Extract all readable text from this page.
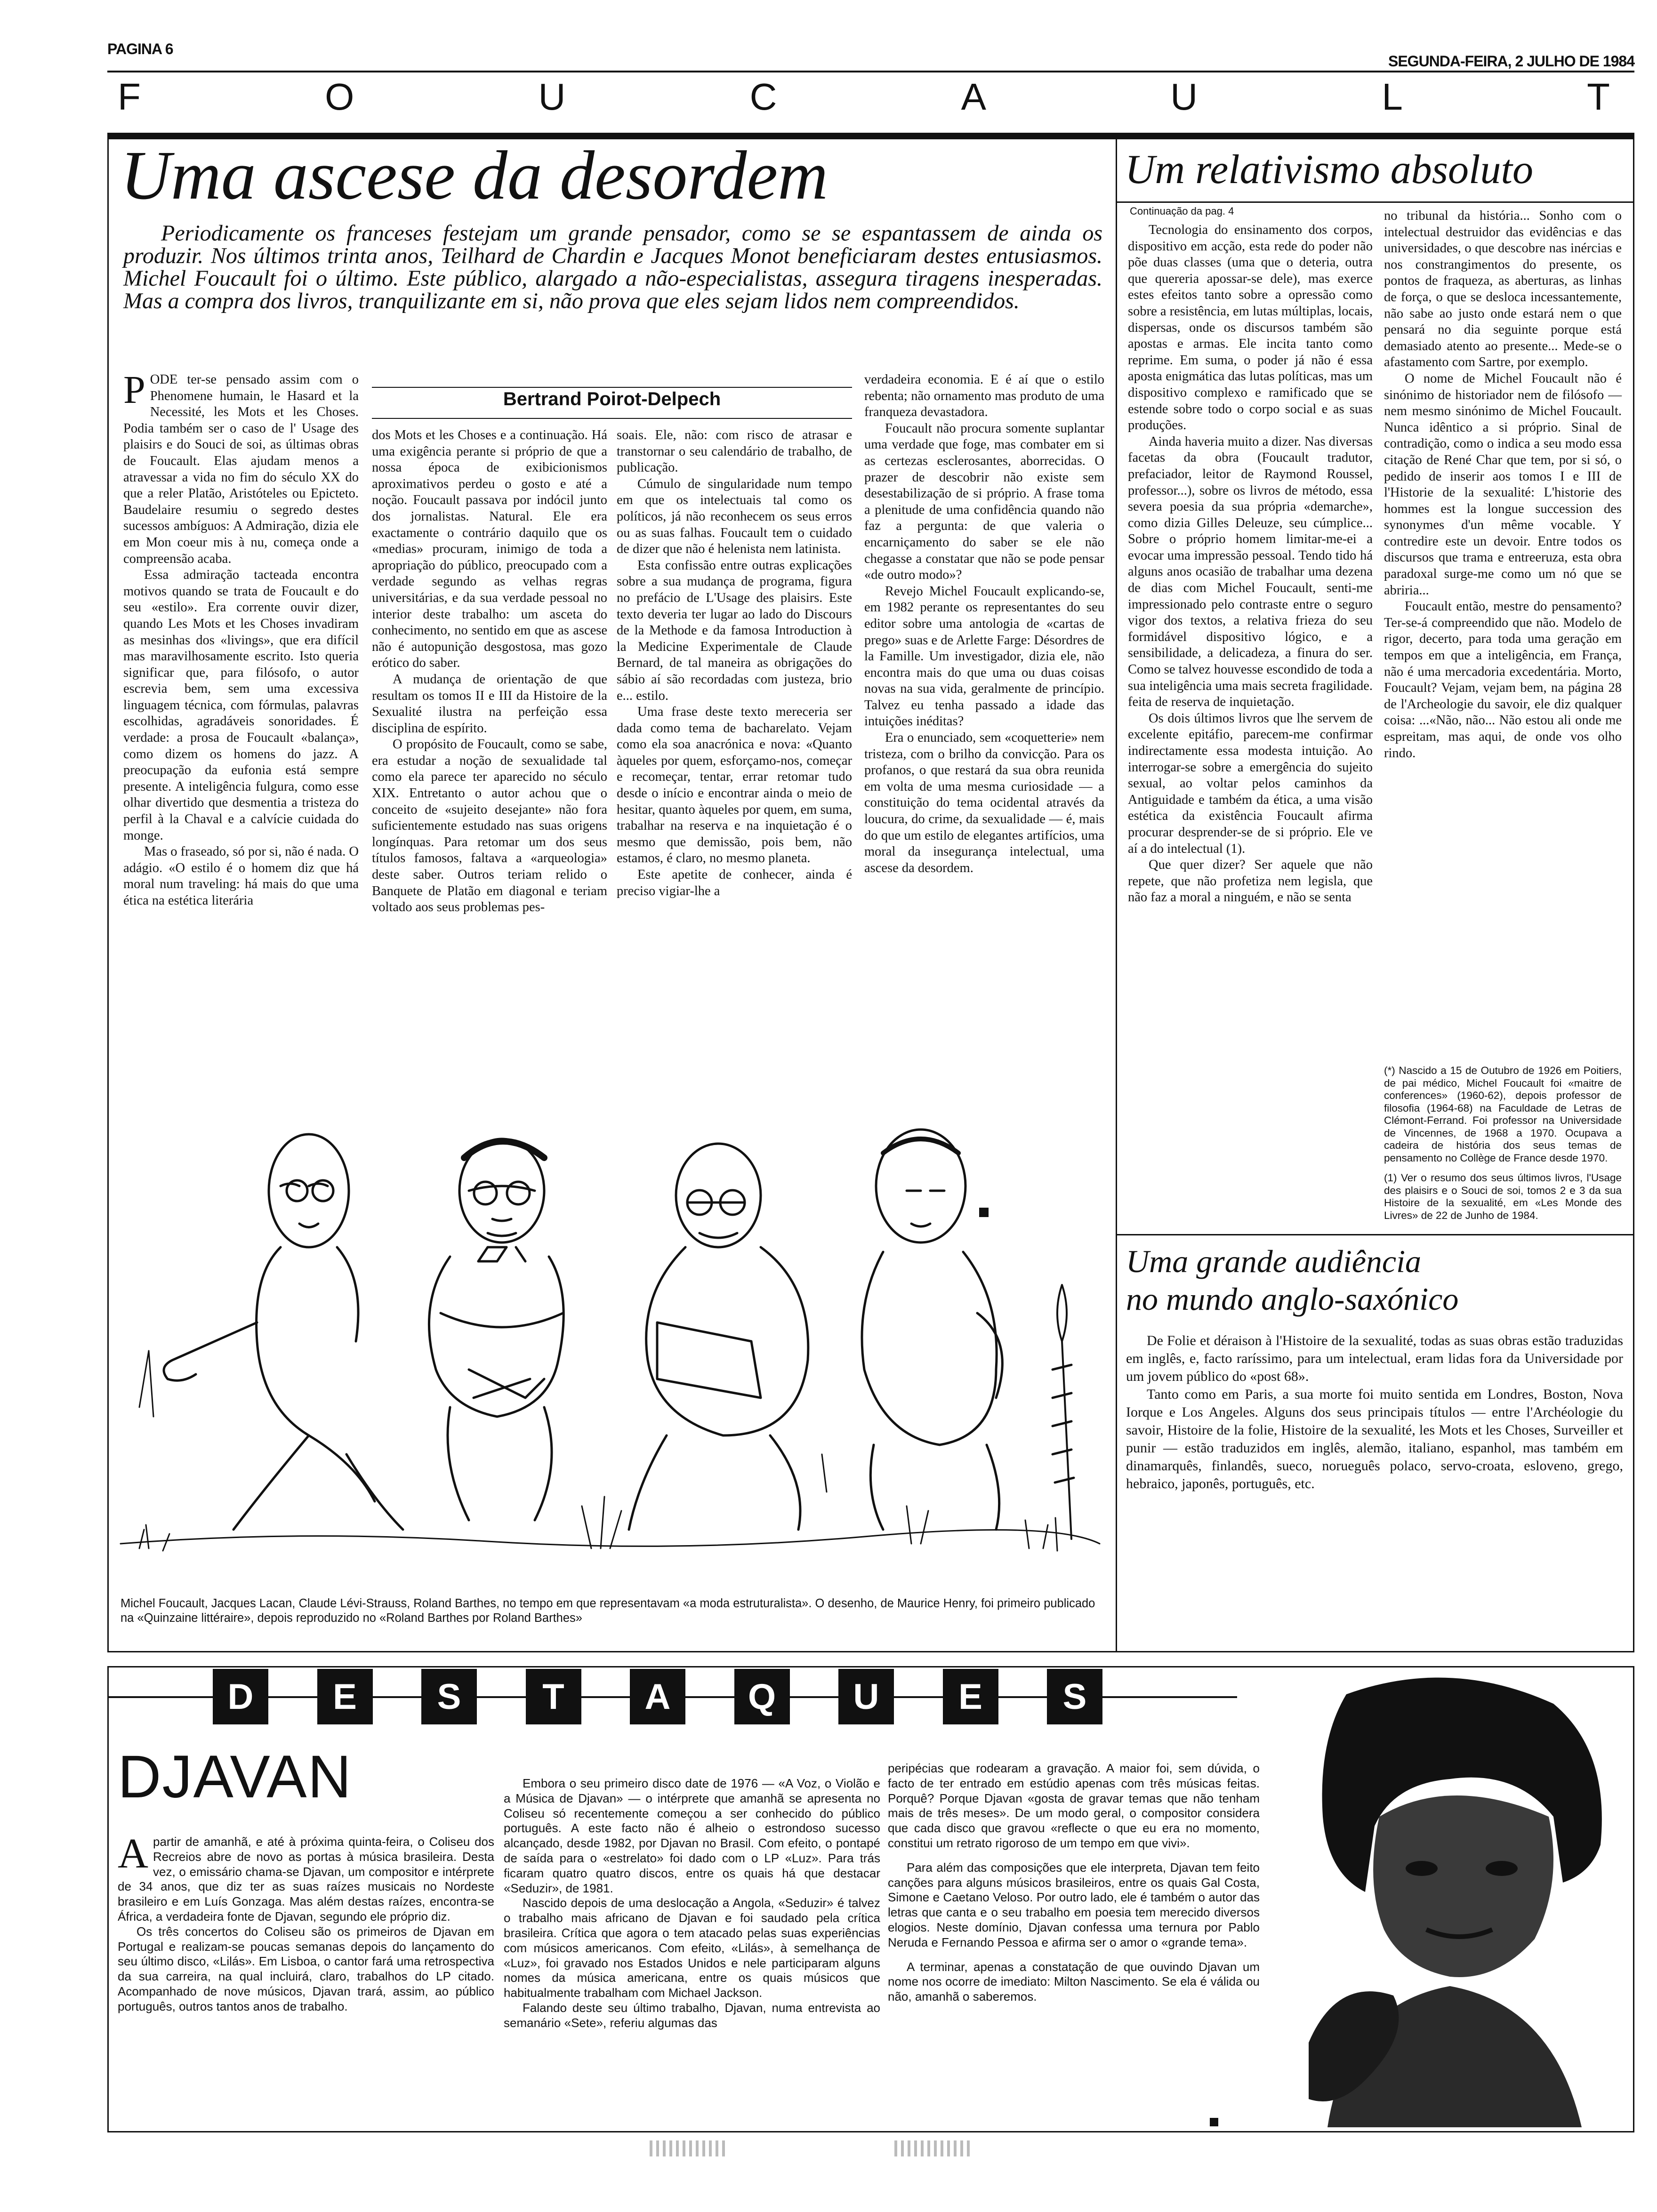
PAGINA 6
SEGUNDA-FEIRA, 2 JULHO DE 1984
F	O	U	C	A	U	L	T
Uma ascese da desordem
Periodicamente os franceses festejam um grande pensador, como se se espantassem de ainda os produzir. Nos últimos trinta anos, Teilhard de Chardin e Jacques Monot beneficiaram destes entusiasmos. Michel Foucault foi o último. Este público, alargado a não-especialistas, assegura tiragens inesperadas. Mas a compra dos livros, tranquilizante em si, não prova que eles sejam lidos nem compreendidos.
Bertrand Poirot-Delpech

PODE ter-se pensado assim com o Phenomene humain, le Hasard et la Necessité, les Mots et les Choses. Podia também ser o caso de l' Usage des plaisirs e do Souci de soi, as últimas obras de Foucault. Elas ajudam menos a atravessar a vida no fim do século XX do que a reler Platão, Aristóteles ou Epicteto. Baudelaire resumiu o segredo destes sucessos ambíguos: A Admiração, dizia ele em Mon coeur mis à nu, começa onde a compreensão acaba.

Essa admiração tacteada encontra motivos quando se trata de Foucault e do seu «estilo». Era corrente ouvir dizer, quando Les Mots et les Choses invadiram as mesinhas dos «livings», que era difícil mas maravilhosamente escrito. Isto queria significar que, para filósofo, o autor escrevia bem, sem uma excessiva linguagem técnica, com fórmulas, palavras escolhidas, agradáveis sonoridades. É verdade: a prosa de Foucault «balança», como dizem os homens do jazz. A preocupação da eufonia está sempre presente. A inteligência fulgura, como esse olhar divertido que desmentia a tristeza do perfil à la Chaval e a calvície cuidada do monge.

Mas o fraseado, só por si, não é nada. O adágio. «O estilo é o homem diz que há moral num traveling: há mais do que uma ética na estética literária

dos Mots et les Choses e a continuação. Há uma exigência perante si próprio de que a nossa época de exibicionismos aproximativos perdeu o gosto e até a noção. Foucault passava por indócil junto dos jornalistas. Natural. Ele era exactamente o contrário daquilo que os «medias» procuram, inimigo de toda a apropriação do público, preocupado com a verdade segundo as velhas regras universitárias, e da sua verdade pessoal no interior deste trabalho: um asceta do conhecimento, no sentido em que as ascese não é autopunição desgostosa, mas gozo erótico do saber.

A mudança de orientação de que resultam os tomos II e III da Histoire de la Sexualité ilustra na perfeição essa disciplina de espírito.

O propósito de Foucault, como se sabe, era estudar a noção de sexualidade tal como ela parece ter aparecido no século XIX. Entretanto o autor achou que o conceito de «sujeito desejante» não fora suficientemente estudado nas suas origens longínquas. Para retomar um dos seus títulos famosos, faltava a «arqueologia» deste saber. Outros teriam relido o Banquete de Platão em diagonal e teriam voltado aos seus problemas pes-

soais. Ele, não: com risco de atrasar e transtornar o seu calendário de trabalho, de publicação.

Cúmulo de singularidade num tempo em que os intelectuais tal como os políticos, já não reconhecem os seus erros ou as suas falhas. Foucault tem o cuidado de dizer que não é helenista nem latinista.

Esta confissão entre outras explicações sobre a sua mudança de programa, figura no prefácio de L'Usage des plaisirs. Este texto deveria ter lugar ao lado do Discours de la Methode e da famosa Introduction à la Medicine Experimentale de Claude Bernard, de tal maneira as obrigações do sábio aí são recordadas com justeza, brio e... estilo.

Uma frase deste texto mereceria ser dada como tema de bacharelato. Vejam como ela soa anacrónica e nova: «Quanto àqueles por quem, esforçamo-nos, começar e recomeçar, tentar, errar retomar tudo desde o início e encontrar ainda o meio de hesitar, quanto àqueles por quem, em suma, trabalhar na reserva e na inquietação é o mesmo que demissão, pois bem, não estamos, é claro, no mesmo planeta.

Este apetite de conhecer, ainda é preciso vigiar-lhe a

verdadeira economia. E é aí que o estilo rebenta; não ornamento mas produto de uma franqueza devastadora.

Foucault não procura somente suplantar uma verdade que foge, mas combater em si as certezas esclerosantes, aborrecidas. O prazer de descobrir não existe sem desestabilização de si próprio. A frase toma a plenitude de uma confidência quando não faz a pergunta: de que valeria o encarniçamento do saber se ele não chegasse a constatar que não se pode pensar «de outro modo»?

Revejo Michel Foucault explicando-se, em 1982 perante os representantes do seu editor sobre uma antologia de «cartas de prego» suas e de Arlette Farge: Désordres de la Famille. Um investigador, dizia ele, não encontra mais do que uma ou duas coisas novas na sua vida, geralmente de princípio. Talvez eu tenha passado a idade das intuições inéditas?

Era o enunciado, sem «coquetterie» nem tristeza, com o brilho da convicção. Para os profanos, o que restará da sua obra reunida em volta de uma mesma curiosidade — a constituição do tema ocidental através da loucura, do crime, da sexualidade — é, mais do que um estilo de elegantes artifícios, uma moral da insegurança intelectual, uma ascese da desordem.

Michel Foucault, Jacques Lacan, Claude Lévi-Strauss, Roland Barthes, no tempo em que representavam «a moda estruturalista». O desenho, de Maurice Henry, foi primeiro publicado na «Quinzaine littéraire», depois reproduzido no «Roland Barthes por Roland Barthes»
Um relativismo absoluto
Continuação da pag. 4

Tecnologia do ensinamento dos corpos, dispositivo em acção, esta rede do poder não põe duas classes (uma que o deteria, outra que quereria apossar-se dele), mas exerce estes efeitos tanto sobre a opressão como sobre a resistência, em lutas múltiplas, locais, dispersas, onde os discursos também são apostas e armas. Ele incita tanto como reprime. Em suma, o poder já não é essa aposta enigmática das lutas políticas, mas um dispositivo complexo e ramificado que se estende sobre todo o corpo social e as suas produções.

Ainda haveria muito a dizer. Nas diversas facetas da obra (Foucault tradutor, prefaciador, leitor de Raymond Roussel, professor...), sobre os livros de método, essa severa poesia da sua própria «demarche», como dizia Gilles Deleuze, seu cúmplice... Sobre o próprio homem limitar-me-ei a evocar uma impressão pessoal. Tendo tido há alguns anos ocasião de trabalhar uma dezena de dias com Michel Foucault, senti-me impressionado pelo contraste entre o seguro vigor dos textos, a relativa frieza do seu formidável dispositivo lógico, e a sensibilidade, a delicadeza, a finura do ser. Como se talvez houvesse escondido de toda a sua inteligência uma mais secreta fragilidade. feita de reserva de inquietação.

Os dois últimos livros que lhe servem de excelente epitáfio, parecem-me confirmar indirectamente essa modesta intuição. Ao interrogar-se sobre a emergência do sujeito sexual, ao voltar pelos caminhos da Antiguidade e também da ética, a uma visão estética da existência Foucault afirma procurar desprender-se de si próprio. Ele ve aí a do intelectual (1).

Que quer dizer? Ser aquele que não repete, que não profetiza nem legisla, que não faz a moral a ninguém, e não se senta

no tribunal da história... Sonho com o intelectual destruidor das evidências e das universidades, o que descobre nas inércias e nos constrangimentos do presente, os pontos de fraqueza, as aberturas, as linhas de força, o que se desloca incessantemente, não sabe ao justo onde estará nem o que pensará no dia seguinte porque está demasiado atento ao presente... Mede-se o afastamento com Sartre, por exemplo.

O nome de Michel Foucault não é sinónimo de historiador nem de filósofo — nem mesmo sinónimo de Michel Foucault. Nunca idêntico a si próprio. Sinal de contradição, como o indica a seu modo essa citação de René Char que tem, por si só, o pedido de inserir aos tomos I e III de l'Historie de la sexualité: L'historie des hommes est la longue succession des synonymes d'un même vocable. Y contredire este un devoir. Entre todos os discursos que trama e entreeruza, esta obra paradoxal surge-me como um nó que se abriria...

Foucault então, mestre do pensamento? Ter-se-á compreendido que não. Modelo de rigor, decerto, para toda uma geração em tempos em que a inteligência, em França, não é uma mercadoria excedentária. Morto, Foucault? Vejam, vejam bem, na página 28 de l'Archeologie du savoir, ele diz qualquer coisa: ...«Não, não... Não estou ali onde me espreitam, mas aqui, de onde vos olho rindo.

(*) Nascido a 15 de Outubro de 1926 em Poitiers, de pai médico, Michel Foucault foi «maitre de conferences» (1960-62), depois professor de filosofia (1964-68) na Faculdade de Letras de Clémont-Ferrand. Foi professor na Universidade de Vincennes, de 1968 a 1970. Ocupava a cadeira de história dos seus temas de pensamento no Collège de France desde 1970.
(1) Ver o resumo dos seus últimos livros, l'Usage des plaisirs e o Souci de soi, tomos 2 e 3 da sua Histoire de la sexualité, em «Les Monde des Livres» de 22 de Junho de 1984.
Uma grande audiência
no mundo anglo-saxónico

De Folie et déraison à l'Histoire de la sexualité, todas as suas obras estão traduzidas em inglês, e, facto raríssimo, para um intelectual, eram lidas fora da Universidade por um jovem público do «post 68».

Tanto como em Paris, a sua morte foi muito sentida em Londres, Boston, Nova Iorque e Los Angeles. Alguns dos seus principais títulos — entre l'Archéologie du savoir, Histoire de la folie, Histoire de la sexualité, les Mots et les Choses, Surveiller et punir — estão traduzidos em inglês, alemão, italiano, espanhol, mas também em dinamarquês, finlandês, sueco, norueguês polaco, servo-croata, esloveno, grego, hebraico, japonês, português, etc.

D	E	S	T	A	Q	U	E	S
DJAVAN

Apartir de amanhã, e até à próxima quinta-feira, o Coliseu dos Recreios abre de novo as portas à música brasileira. Desta vez, o emissário chama-se Djavan, um compositor e intérprete de 34 anos, que diz ter as suas raízes musicais no Nordeste brasileiro e em Luís Gonzaga. Mas além destas raízes, encontra-se África, a verdadeira fonte de Djavan, segundo ele próprio diz.

Os três concertos do Coliseu são os primeiros de Djavan em Portugal e realizam-se poucas semanas depois do lançamento do seu último disco, «Lilás». Em Lisboa, o cantor fará uma retrospectiva da sua carreira, na qual incluirá, claro, trabalhos do LP citado. Acompanhado de nove músicos, Djavan trará, assim, ao público português, outros tantos anos de trabalho.

Embora o seu primeiro disco date de 1976 — «A Voz, o Violão e a Música de Djavan» — o intérprete que amanhã se apresenta no Coliseu só recentemente começou a ser conhecido do público português. A este facto não é alheio o estrondoso sucesso alcançado, desde 1982, por Djavan no Brasil. Com efeito, o pontapé de saída para o «estrelato» foi dado com o LP «Luz». Para trás ficaram quatro quatro discos, entre os quais há que destacar «Seduzir», de 1981.

Nascido depois de uma deslocação a Angola, «Seduzir» é talvez o trabalho mais africano de Djavan e foi saudado pela crítica brasileira. Crítica que agora o tem atacado pelas suas experiências com músicos americanos. Com efeito, «Lilás», à semelhança de «Luz», foi gravado nos Estados Unidos e nele participaram alguns nomes da música americana, entre os quais músicos que habitualmente trabalham com Michael Jackson.

Falando deste seu último trabalho, Djavan, numa entrevista ao semanário «Sete», referiu algumas das

peripécias que rodearam a gravação. A maior foi, sem dúvida, o facto de ter entrado em estúdio apenas com três músicas feitas. Porquê? Porque Djavan «gosta de gravar temas que não tenham mais de três meses». De um modo geral, o compositor considera que cada disco que gravou «reflecte o que eu era no momento, constitui um retrato rigoroso de um tempo em que vivi».

Para além das composições que ele interpreta, Djavan tem feito canções para alguns músicos brasileiros, entre os quais Gal Costa, Simone e Caetano Veloso. Por outro lado, ele é também o autor das letras que canta e o seu trabalho em poesia tem merecido diversos elogios. Neste domínio, Djavan confessa uma ternura por Pablo Neruda e Fernando Pessoa e afirma ser o amor o «grande tema».

A terminar, apenas a constatação de que ouvindo Djavan um nome nos ocorre de imediato: Milton Nascimento. Se ela é válida ou não, amanhã o saberemos.
